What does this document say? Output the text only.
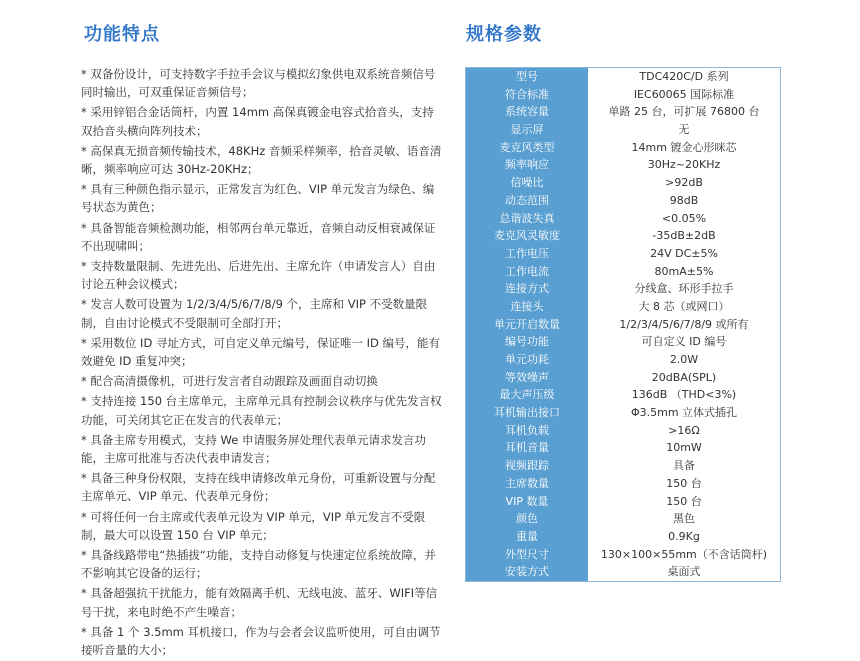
功能特点	规格参数
* 双备份设计，可支持数字手拉手会议与模拟幻象供电双系统音频信号同时输出，可双重保证音频信号；
* 采用锌铝合金话筒杆，内置 14mm 高保真镀金电容式拾音头，支持双拾音头横向阵列技术；
* 高保真无损音频传输技术，48KHz 音频采样频率，拾音灵敏、语音清晰，频率响应可达 30Hz-20KHz；
* 具有三种颜色指示显示，正常发言为红色、VIP 单元发言为绿色、编号状态为黄色；
* 具备智能音频检测功能，相邻两台单元靠近，音频自动反相衰减保证不出现啸叫；
* 支持数量限制、先进先出、后进先出、主席允许（申请发言人）自由讨论五种会议模式；
* 发言人数可设置为 1/2/3/4/5/6/7/8/9 个，主席和 VIP 不受数量限制，自由讨论模式不受限制可全部打开；
* 采用数位 ID 寻址方式，可自定义单元编号，保证唯一 ID 编号，能有效避免 ID 重复冲突；
* 配合高清摄像机，可进行发言者自动跟踪及画面自动切换
* 支持连接 150 台主席单元，主席单元具有控制会议秩序与优先发言权功能，可关闭其它正在发言的代表单元；
* 具备主席专用模式，支持 We 申请服务屏处理代表单元请求发言功能，主席可批准与否决代表申请发言；
* 具备三种身份权限，支持在线申请修改单元身份，可重新设置与分配主席单元、VIP 单元、代表单元身份；
* 可将任何一台主席或代表单元设为 VIP 单元，VIP 单元发言不受限制，最大可以设置 150 台 VIP 单元；
* 具备线路带电“热插拔“功能，支持自动修复与快速定位系统故障，并不影响其它设备的运行；
* 具备超强抗干扰能力，能有效隔离手机、无线电波、蓝牙、WIFI等信号干扰，来电时绝不产生噪音；
* 具备 1 个 3.5mm 耳机接口，作为与会者会议监听使用，可自由调节接听音量的大小；
型号	TDC420C/D 系列
符合标准	IEC60065 国际标准
系统容量	单路 25 台，可扩展 76800 台
显示屏	无
麦克风类型	14mm 镀金心形咪芯
频率响应	30Hz~20KHz
信噪比	>92dB
动态范围	98dB
总谐波失真	<0.05%
麦克风灵敏度	-35dB±2dB
工作电压	24V DC±5%
工作电流	80mA±5%
连接方式	分线盒、环形手拉手
连接头	大 8 芯（或网口）
单元开启数量	1/2/3/4/5/6/7/8/9 或所有
编号功能	可自定义 ID 编号
单元功耗	2.0W
等效噪声	20dBA(SPL)
最大声压级	136dB （THD<3%)
耳机输出接口	Φ3.5mm 立体式插孔
耳机负载	>16Ω
耳机音量	10mW
视频跟踪	具备
主席数量	150 台
VIP 数量	150 台
颜色	黑色
重量	0.9Kg
外型尺寸	130×100×55mm（不含话筒杆)
安装方式	桌面式
